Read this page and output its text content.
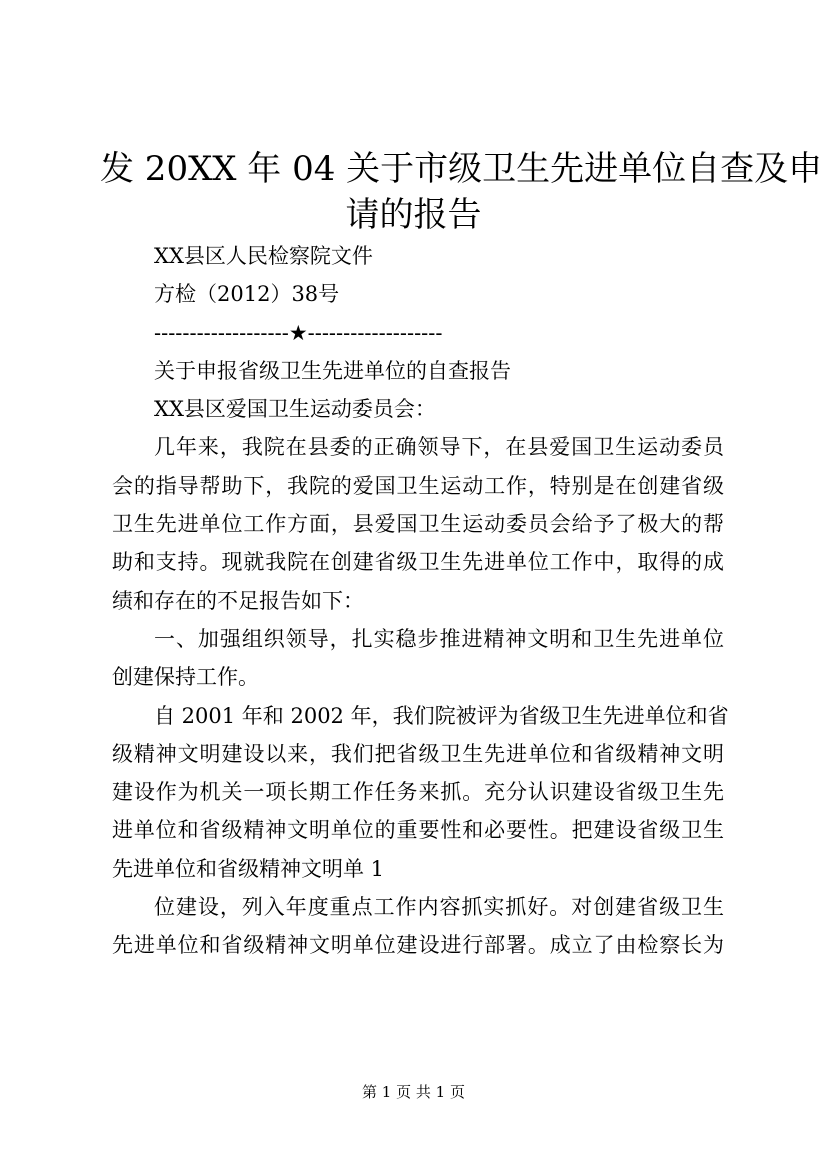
发 20XX 年 04 关于市级卫生先进单位自查及申
请的报告
XX县区人民检察院文件
方检（2012）38号
-------------------★-------------------
关于申报省级卫生先进单位的自查报告
XX县区爱国卫生运动委员会：
几年来，我院在县委的正确领导下，在县爱国卫生运动委员
会的指导帮助下，我院的爱国卫生运动工作，特别是在创建省级
卫生先进单位工作方面，县爱国卫生运动委员会给予了极大的帮
助和支持。现就我院在创建省级卫生先进单位工作中，取得的成
绩和存在的不足报告如下：
一、加强组织领导，扎实稳步推进精神文明和卫生先进单位
创建保持工作。
自 2001 年和 2002 年，我们院被评为省级卫生先进单位和省
级精神文明建设以来，我们把省级卫生先进单位和省级精神文明
建设作为机关一项长期工作任务来抓。充分认识建设省级卫生先
进单位和省级精神文明单位的重要性和必要性。把建设省级卫生
先进单位和省级精神文明单 1
位建设，列入年度重点工作内容抓实抓好。对创建省级卫生
先进单位和省级精神文明单位建设进行部署。成立了由检察长为
第 1 页 共 1 页
